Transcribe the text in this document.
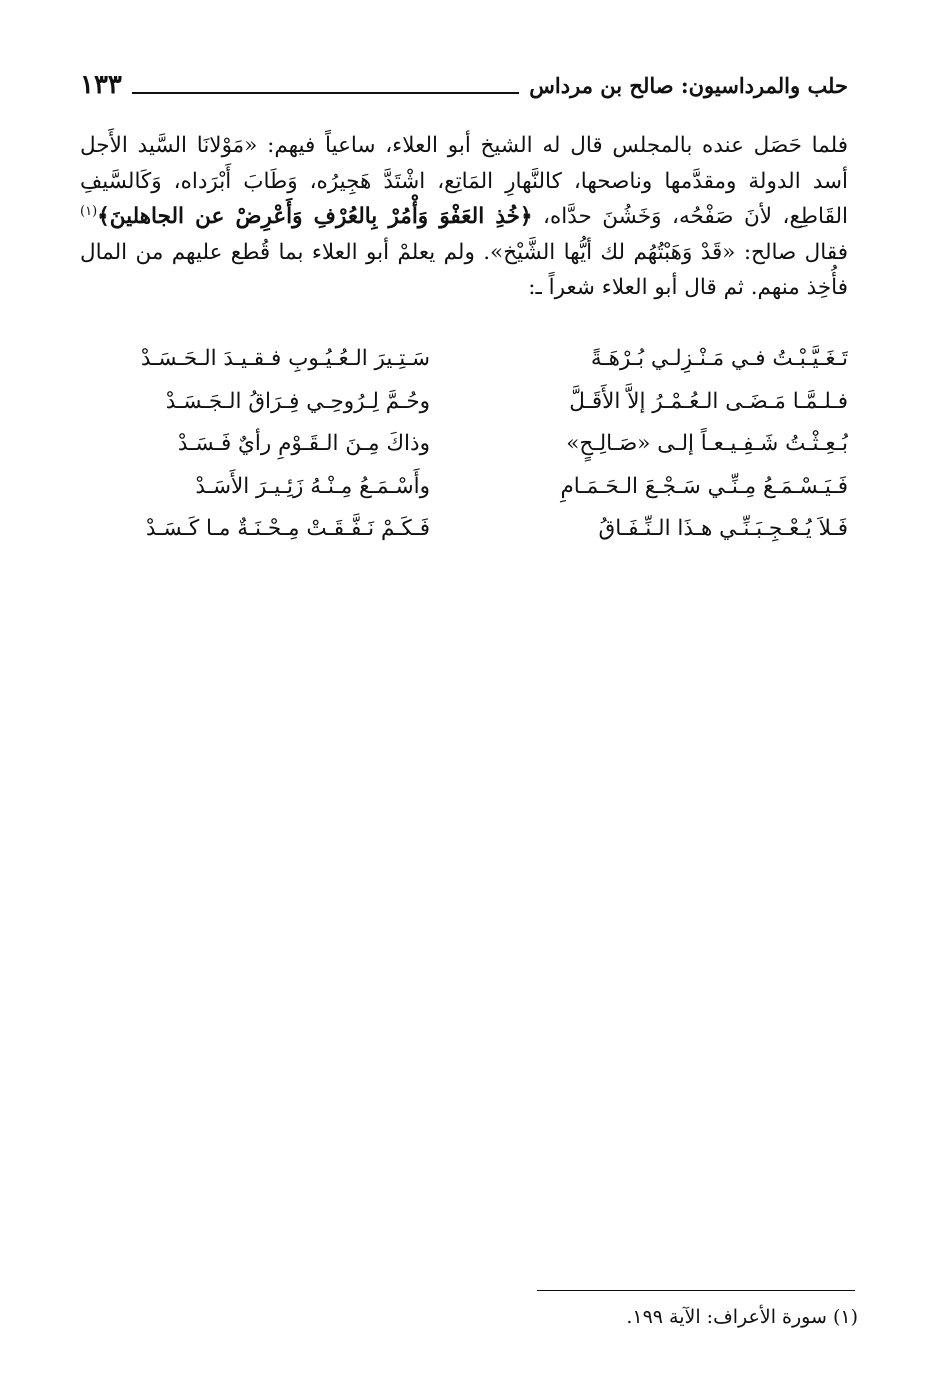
حلب والمرداسيون: صالح بن مرداس
١٣٣

فلما حَصَل عنده بالمجلس قال له الشيخ أبو العلاء، ساعياً فيهم: «مَوْلانَا السَّيد الأَجل أسد الدولة ومقدَّمها وناصحها، كالنَّهارِ المَاتِع، اشْتَدَّ هَجِيرُه، وَطَابَ أَبْرَداه، وَكَالسَّيفِ القَاطِع، لأنَ صَفْحُه، وَخَشُنَ حدَّاه، ﴿خُذِ العَفْوَ وَأْمُرْ بِالعُرْفِ وَأَعْرِضْ عن الجاهلينَ﴾$^{(١)}$ فقال صالح: «قَدْ وَهَبْتُهُم لك أيُّها الشَّيْخ». ولم يعلمْ أبو العلاء بما قُطع عليهم من المال فأُخِذ منهم. ثم قال أبو العلاء شعراً ـ:

تَـغَـيَّـبْـتُ فـي مَـنْـزِلـي بُـرْهَـةً
سَـتِـيرَ الـعُـيُـوبِ فـقـيـدَ الـحَـسَـدْ
فـلـمَّـا مَـضَـى الـعُـمْـرُ إلاَّ الأَقَـلَّ
وحُـمَّ لِـرُوحِـي فِـرَاقُ الـجَـسَـدْ
بُـعِـثْـتُ شَـفِـيـعـاً إلـى «صَـالِـحٍ»
وذاكَ مِـنَ الـقَـوْمِ رأيٌ فَـسَـدْ
فَـيَـسْـمَـعُ مِـنِّـي سَـجْـعَ الـحَـمَـامِ
وأَسْـمَـعُ مِـنْـهُ زَئِـيـرَ الأَسَـدْ
فَـلاَ يُـعْـجِـبَـنِّـي هـذَا الـنِّـفَـاقُ
فَـكَـمْ نَـفَّـقَـتْ مِـحْـنَـةٌ مـا كَـسَـدْ
(١) سورة الأعراف: الآية ١٩٩.
